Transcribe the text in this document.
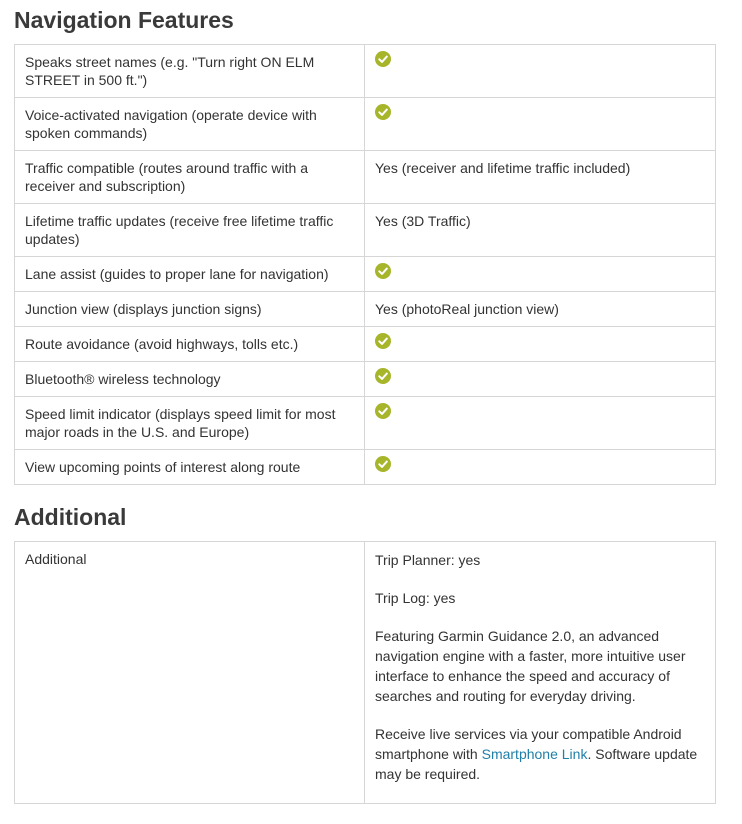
Navigation Features
Speaks street names (e.g. "Turn right ON ELM STREET in 500 ft.")	

Voice-activated navigation (operate device with spoken commands)	

Traffic compatible (routes around traffic with a receiver and subscription)	Yes (receiver and lifetime traffic included)
Lifetime traffic updates (receive free lifetime traffic updates)	Yes (3D Traffic)
Lane assist (guides to proper lane for navigation)	

Junction view (displays junction signs)	Yes (photoReal junction view)
Route avoidance (avoid highways, tolls etc.)	

Bluetooth® wireless technology	

Speed limit indicator (displays speed limit for most major roads in the U.S. and Europe)	

View upcoming points of interest along route	
Additional
Additional	Trip Planner: yes

Trip Log: yes

Featuring Garmin Guidance 2.0, an advanced navigation engine with a faster, more intuitive user interface to enhance the speed and accuracy of searches and routing for everyday driving.

Receive live services via your compatible Android smartphone with Smartphone Link. Software update may be required.
